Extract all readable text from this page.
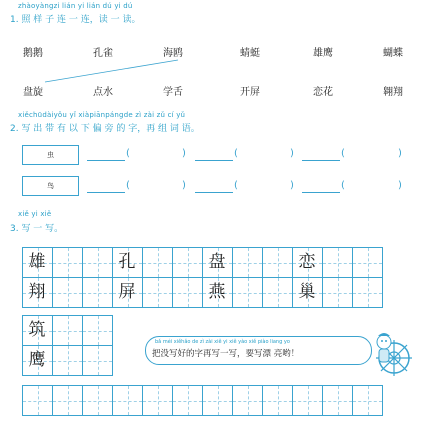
zhàoyàngzi lián yi lián dú yi dú
1. 照 样 子 连 一 连，读 一 读。
鹅鹅	孔雀	海鸥	蜻蜓	雄鹰	蝴蝶
盘旋	点水	学舌	开屏	恋花	翱翔
xiěchūdàiyǒu yǐ xiàpiānpángde zì zài zǔ cí yǔ
2. 写 出 带 有 以 下 偏 旁 的 字，再 组 词 语。
虫	(	)	(	)	(	)
鸟	(	)	(	)	(	)
xiě yi xiě
3. 写 一 写。
雄	孔	盘	恋
翔	屏	燕	巢
筑
鹰
bǎ méi xiěhǎo de zì zài xiě yi xiě yào xiě piào liang yo
把没写好的字再写一写，要写漂 亮哟！
